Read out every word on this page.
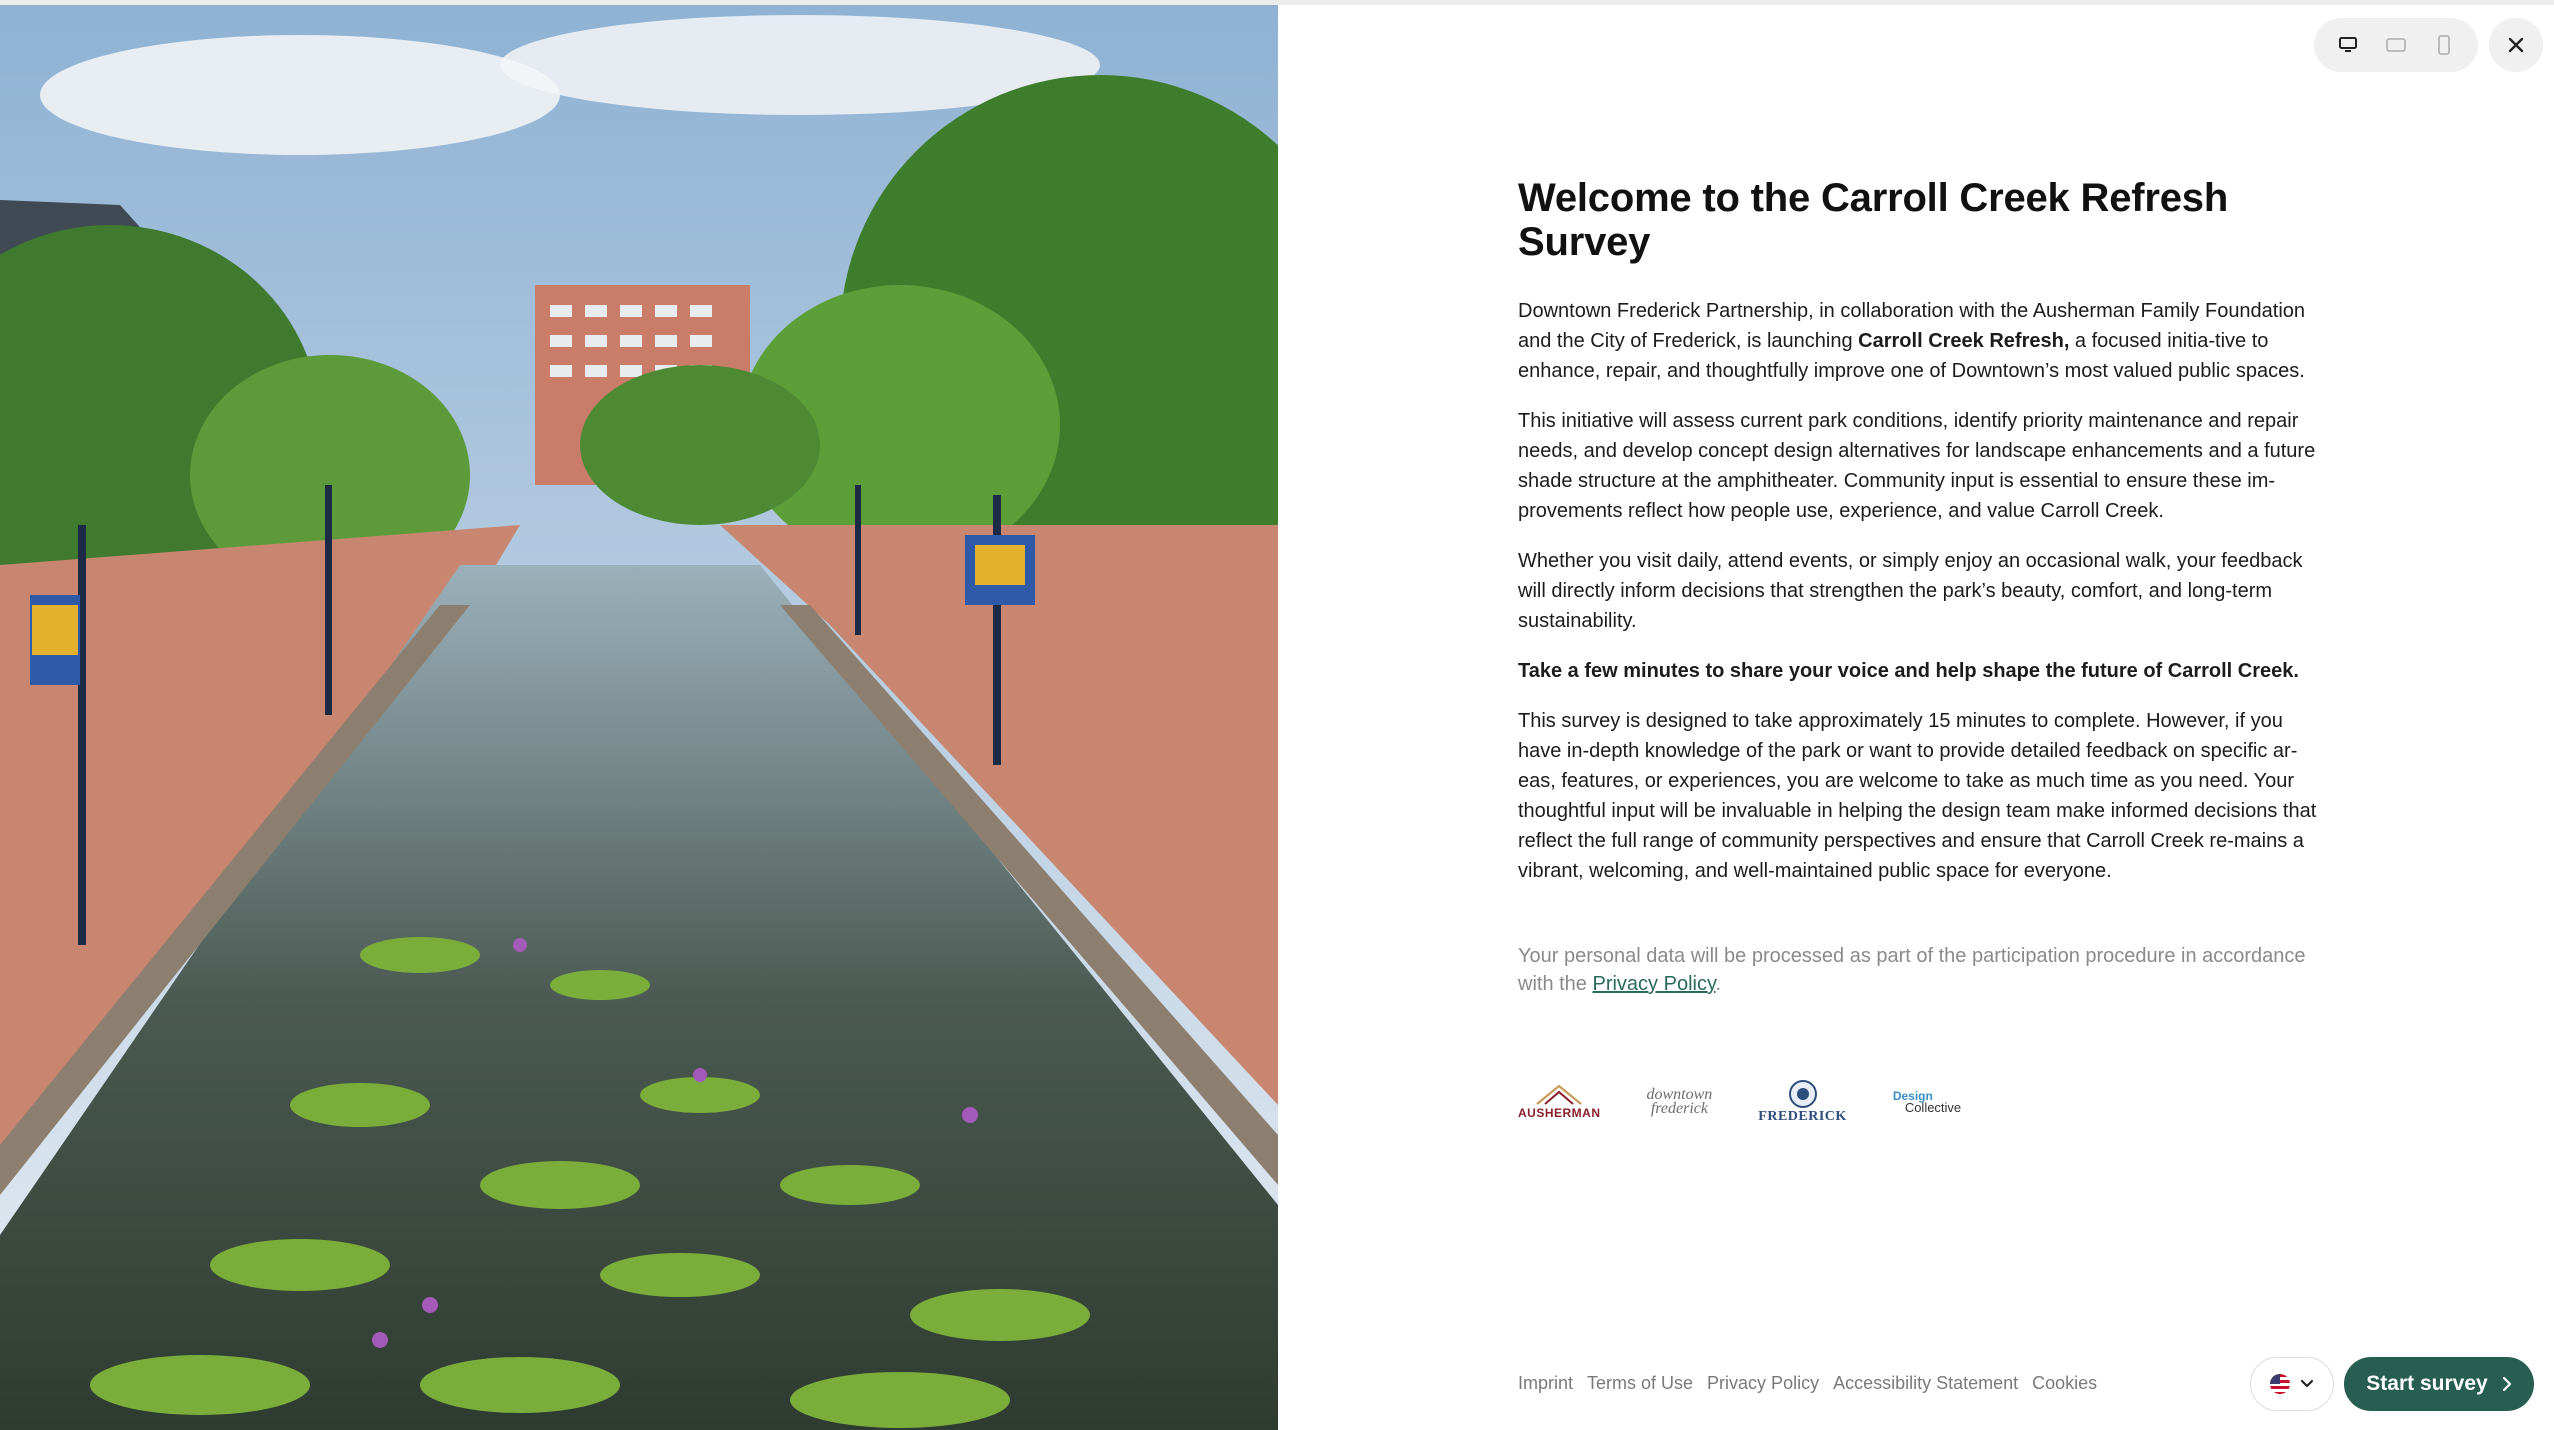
Welcome to the Carroll Creek Refresh Survey

Downtown Frederick Partnership, in collaboration with the Ausherman Family Foundation and the City of Frederick, is launching Carroll Creek Refresh, a focused initia-tive to enhance, repair, and thoughtfully improve one of Downtown’s most valued public spaces.

This initiative will assess current park conditions, identify priority maintenance and repair needs, and develop concept design alternatives for landscape enhancements and a future shade structure at the amphitheater. Community input is essential to ensure these im-provements reflect how people use, experience, and value Carroll Creek.

Whether you visit daily, attend events, or simply enjoy an occasional walk, your feedback will directly inform decisions that strengthen the park’s beauty, comfort, and long-term sustainability.

Take a few minutes to share your voice and help shape the future of Carroll Creek.

This survey is designed to take approximately 15 minutes to complete. However, if you have in-depth knowledge of the park or want to provide detailed feedback on specific ar-eas, features, or experiences, you are welcome to take as much time as you need. Your thoughtful input will be invaluable in helping the design team make informed decisions that reflect the full range of community perspectives and ensure that Carroll Creek re-mains a vibrant, welcoming, and well-maintained public space for everyone.

Your personal data will be processed as part of the participation procedure in accordance with the Privacy Policy.

AUSHERMAN
downtown
frederick	FREDERICK
Design
Collective
Imprint Terms of Use Privacy Policy Accessibility Statement Cookies	Start survey
